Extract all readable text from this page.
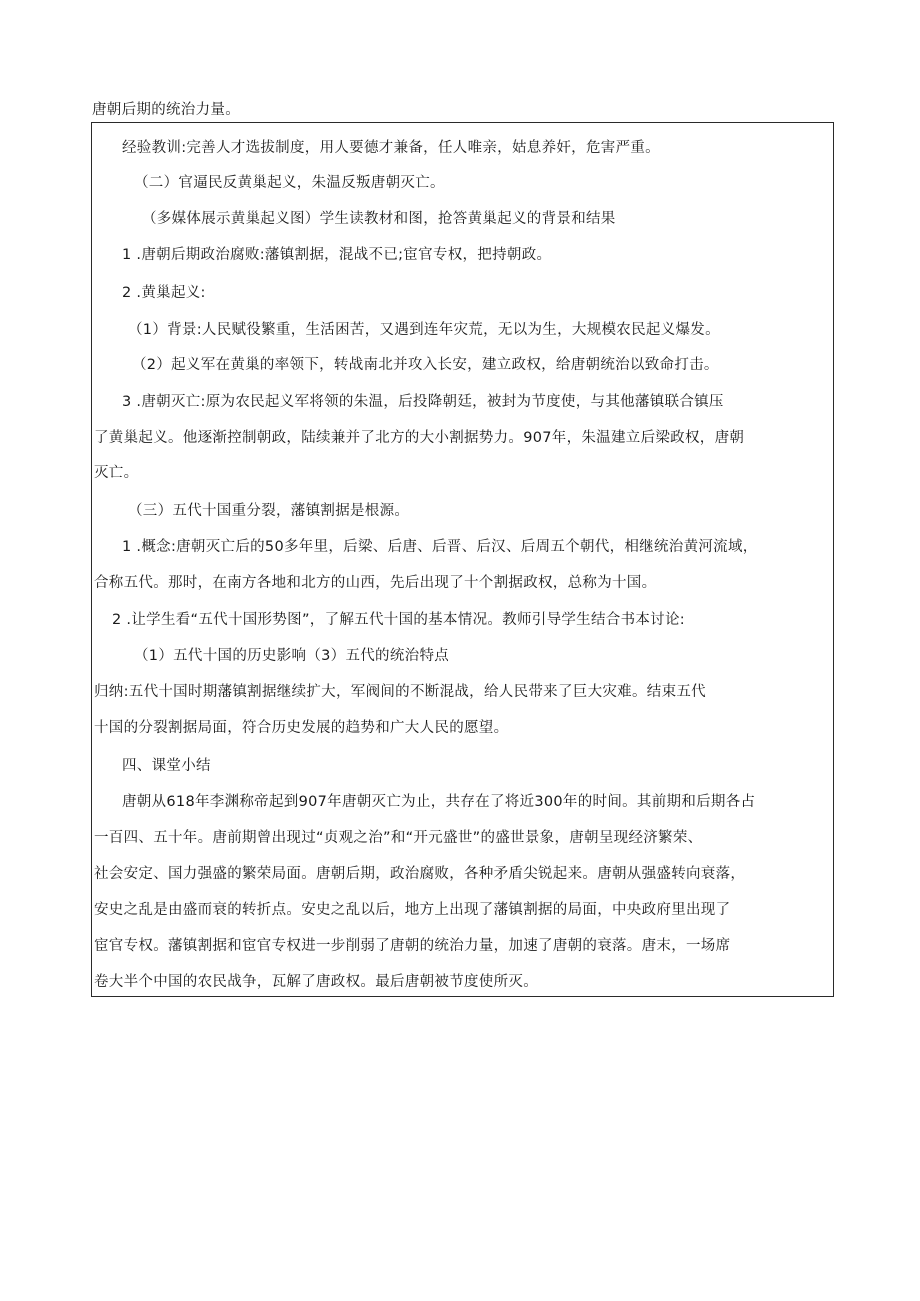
唐朝后期的统治力量。
经验教训:完善人才选拔制度，用人要德才兼备，任人唯亲，姑息养奸，危害严重。
（二）官逼民反黄巢起义，朱温反叛唐朝灭亡。
（多媒体展示黄巢起义图）学生读教材和图，抢答黄巢起义的背景和结果
1 .唐朝后期政治腐败:藩镇割据，混战不已;宦官专权，把持朝政。
2 .黄巢起义:
（1）背景:人民赋役繁重，生活困苦，又遇到连年灾荒，无以为生，大规模农民起义爆发。
（2）起义军在黄巢的率领下，转战南北并攻入长安，建立政权，给唐朝统治以致命打击。
3 .唐朝灭亡:原为农民起义军将领的朱温，后投降朝廷，被封为节度使，与其他藩镇联合镇压
了黄巢起义。他逐渐控制朝政，陆续兼并了北方的大小割据势力。907年，朱温建立后梁政权，唐朝
灭亡。
（三）五代十国重分裂，藩镇割据是根源。
1 .概念:唐朝灭亡后的50多年里，后梁、后唐、后晋、后汉、后周五个朝代，相继统治黄河流域，
合称五代。那时，在南方各地和北方的山西，先后出现了十个割据政权，总称为十国。
2 .让学生看“五代十国形势图”，了解五代十国的基本情况。教师引导学生结合书本讨论:
（1）五代十国的历史影响（3）五代的统治特点
归纳:五代十国时期藩镇割据继续扩大，军阀间的不断混战，给人民带来了巨大灾难。结束五代
十国的分裂割据局面，符合历史发展的趋势和广大人民的愿望。
四、课堂小结
唐朝从618年李渊称帝起到907年唐朝灭亡为止，共存在了将近300年的时间。其前期和后期各占
一百四、五十年。唐前期曾出现过“贞观之治”和“开元盛世”的盛世景象，唐朝呈现经济繁荣、
社会安定、国力强盛的繁荣局面。唐朝后期，政治腐败，各种矛盾尖锐起来。唐朝从强盛转向衰落，
安史之乱是由盛而衰的转折点。安史之乱以后，地方上出现了藩镇割据的局面，中央政府里出现了
宦官专权。藩镇割据和宦官专权进一步削弱了唐朝的统治力量，加速了唐朝的衰落。唐末，一场席
卷大半个中国的农民战争，瓦解了唐政权。最后唐朝被节度使所灭。
